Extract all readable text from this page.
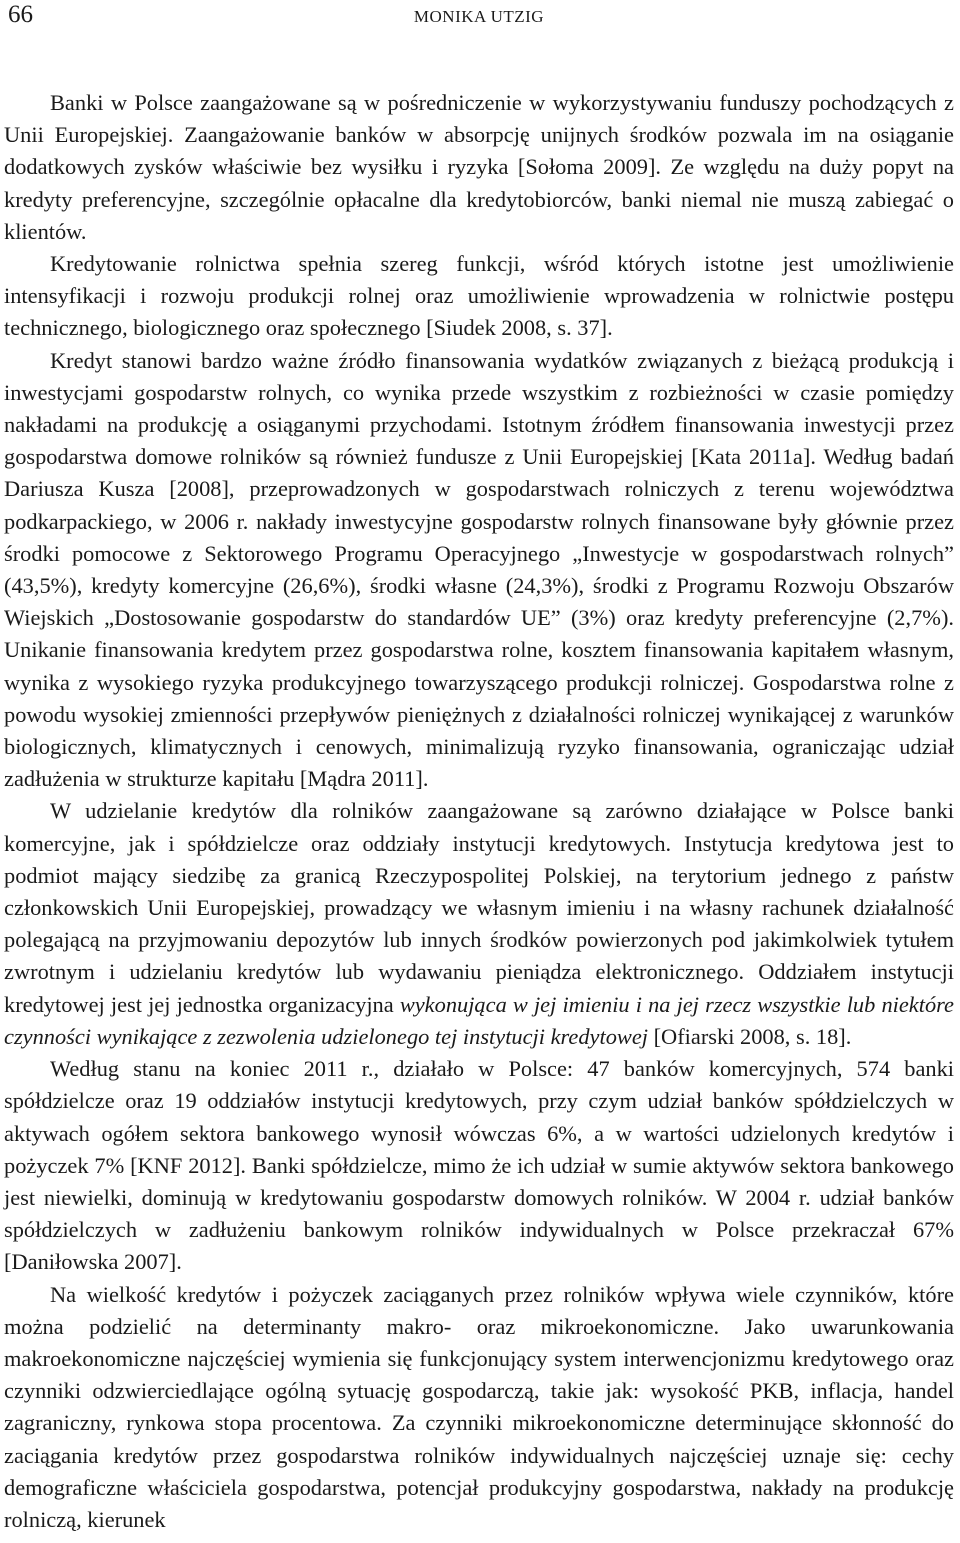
66	MONIKA UTZIG

Banki w Polsce zaangażowane są w pośredniczenie w wykorzystywaniu funduszy pochodzących z Unii Europejskiej. Zaangażowanie banków w absorpcję unijnych środków pozwala im na osiąganie dodatkowych zysków właściwie bez wysiłku i ryzyka [Sołoma 2009]. Ze względu na duży popyt na kredyty preferencyjne, szczególnie opłacalne dla kredytobiorców, banki niemal nie muszą zabiegać o klientów.

Kredytowanie rolnictwa spełnia szereg funkcji, wśród których istotne jest umożliwienie intensyfikacji i rozwoju produkcji rolnej oraz umożliwienie wprowadzenia w rolnictwie postępu technicznego, biologicznego oraz społecznego [Siudek 2008, s. 37].

Kredyt stanowi bardzo ważne źródło finansowania wydatków związanych z bieżącą produkcją i inwestycjami gospodarstw rolnych, co wynika przede wszystkim z rozbieżności w czasie pomiędzy nakładami na produkcję a osiąganymi przychodami. Istotnym źródłem finansowania inwestycji przez gospodarstwa domowe rolników są również fundusze z Unii Europejskiej [Kata 2011a]. Według badań Dariusza Kusza [2008], przeprowadzonych w gospodarstwach rolniczych z terenu województwa podkarpackiego, w 2006 r. nakłady inwestycyjne gospodarstw rolnych finansowane były głównie przez środki pomocowe z Sektorowego Programu Operacyjnego „Inwestycje w gospodarstwach rolnych” (43,5%), kredyty komercyjne (26,6%), środki własne (24,3%), środki z Programu Rozwoju Obszarów Wiejskich „Dostosowanie gospodarstw do standardów UE” (3%) oraz kredyty preferencyjne (2,7%). Unikanie finansowania kredytem przez gospodarstwa rolne, kosztem finansowania kapitałem własnym, wynika z wysokiego ryzyka produkcyjnego towarzyszącego produkcji rolniczej. Gospodarstwa rolne z powodu wysokiej zmienności przepływów pieniężnych z działalności rolniczej wynikającej z warunków biologicznych, klimatycznych i cenowych, minimalizują ryzyko finansowania, ograniczając udział zadłużenia w strukturze kapitału [Mądra 2011].

W udzielanie kredytów dla rolników zaangażowane są zarówno działające w Polsce banki komercyjne, jak i spółdzielcze oraz oddziały instytucji kredytowych. Instytucja kredytowa jest to podmiot mający siedzibę za granicą Rzeczypospolitej Polskiej, na terytorium jednego z państw członkowskich Unii Europejskiej, prowadzący we własnym imieniu i na własny rachunek działalność polegającą na przyjmowaniu depozytów lub innych środków powierzonych pod jakimkolwiek tytułem zwrotnym i udzielaniu kredytów lub wydawaniu pieniądza elektronicznego. Oddziałem instytucji kredytowej jest jej jednostka organizacyjna wykonująca w jej imieniu i na jej rzecz wszystkie lub niektóre czynności wynikające z zezwolenia udzielonego tej instytucji kredytowej [Ofiarski 2008, s. 18].

Według stanu na koniec 2011 r., działało w Polsce: 47 banków komercyjnych, 574 banki spółdzielcze oraz 19 oddziałów instytucji kredytowych, przy czym udział banków spółdzielczych w aktywach ogółem sektora bankowego wynosił wówczas 6%, a w wartości udzielonych kredytów i pożyczek 7% [KNF 2012]. Banki spółdzielcze, mimo że ich udział w sumie aktywów sektora bankowego jest niewielki, dominują w kredytowaniu gospodarstw domowych rolników. W 2004 r. udział banków spółdzielczych w zadłużeniu bankowym rolników indywidualnych w Polsce przekraczał 67% [Daniłowska 2007].

Na wielkość kredytów i pożyczek zaciąganych przez rolników wpływa wiele czynników, które można podzielić na determinanty makro- oraz mikroekonomiczne. Jako uwarunkowania makroekonomiczne najczęściej wymienia się funkcjonujący system interwencjonizmu kredytowego oraz czynniki odzwierciedlające ogólną sytuację gospodarczą, takie jak: wysokość PKB, inflacja, handel zagraniczny, rynkowa stopa procentowa. Za czynniki mikroekonomiczne determinujące skłonność do zaciągania kredytów przez gospodarstwa rolników indywidualnych najczęściej uznaje się: cechy demograficzne właściciela gospodarstwa, potencjał produkcyjny gospodarstwa, nakłady na produkcję rolniczą, kierunek
